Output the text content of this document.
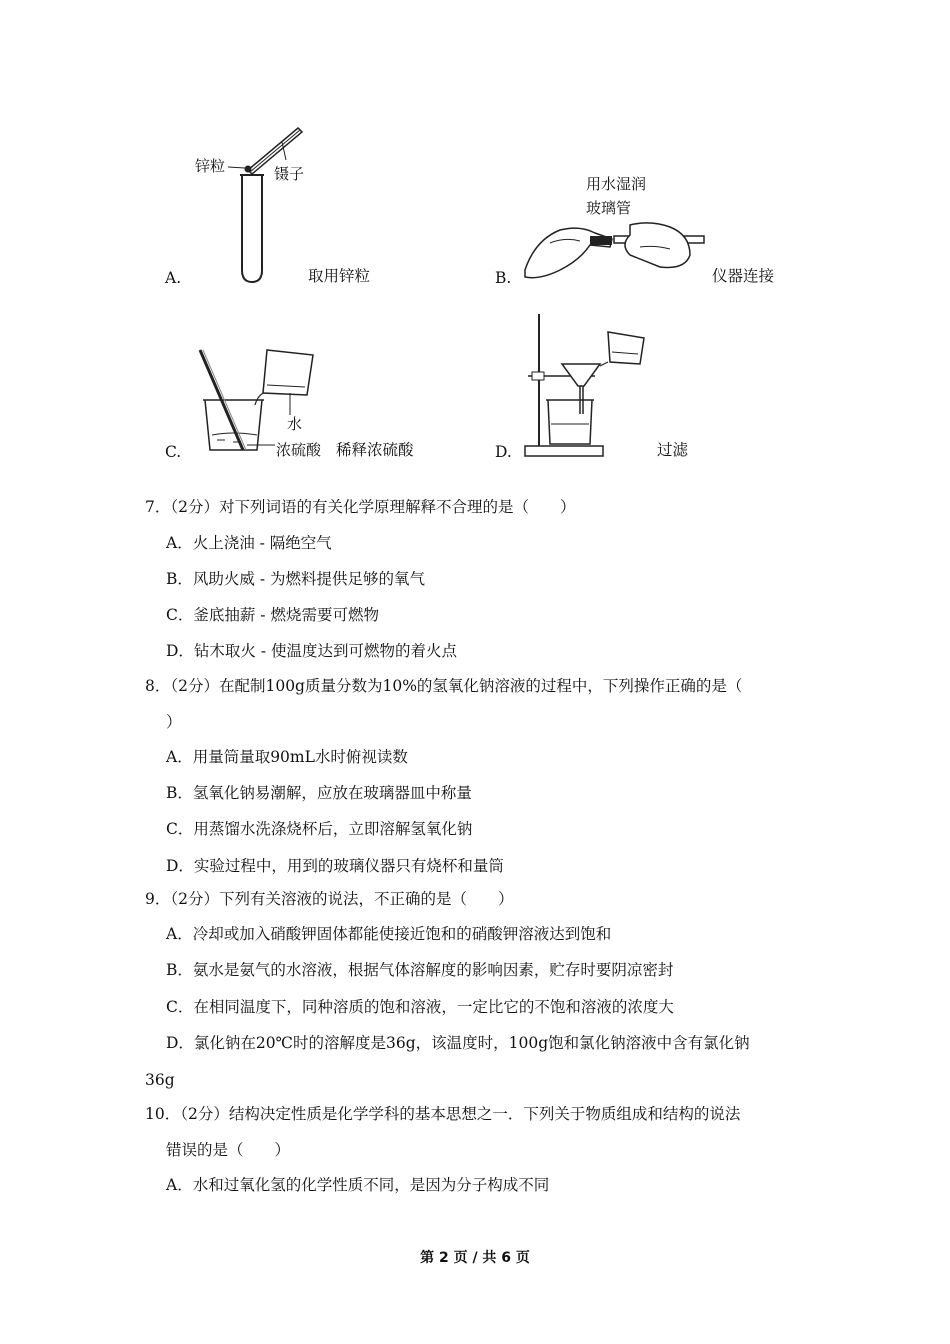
锌粒	镊子
A.	取用锌粒
用水湿润
玻璃管
B.	仪器连接
水
浓硫酸
C.	稀释浓硫酸	D.	过滤
7．（2分）对下列词语的有关化学原理解释不合理的是（　　）
A．火上浇油 - 隔绝空气
B．风助火威 - 为燃料提供足够的氧气
C．釜底抽薪 - 燃烧需要可燃物
D．钻木取火 - 使温度达到可燃物的着火点
8．（2分）在配制100g质量分数为10%的氢氧化钠溶液的过程中，下列操作正确的是（
）
A．用量筒量取90mL水时俯视读数
B．氢氧化钠易潮解，应放在玻璃器皿中称量
C．用蒸馏水洗涤烧杯后，立即溶解氢氧化钠
D．实验过程中，用到的玻璃仪器只有烧杯和量筒
9．（2分）下列有关溶液的说法，不正确的是（　　）
A．冷却或加入硝酸钾固体都能使接近饱和的硝酸钾溶液达到饱和
B．氨水是氨气的水溶液，根据气体溶解度的影响因素，贮存时要阴凉密封
C．在相同温度下，同种溶质的饱和溶液，一定比它的不饱和溶液的浓度大
D．氯化钠在20℃时的溶解度是36g，该温度时，100g饱和氯化钠溶液中含有氯化钠
36g
10．（2分）结构决定性质是化学学科的基本思想之一．下列关于物质组成和结构的说法
错误的是（　　）
A．水和过氧化氢的化学性质不同，是因为分子构成不同
第 2 页 / 共 6 页
